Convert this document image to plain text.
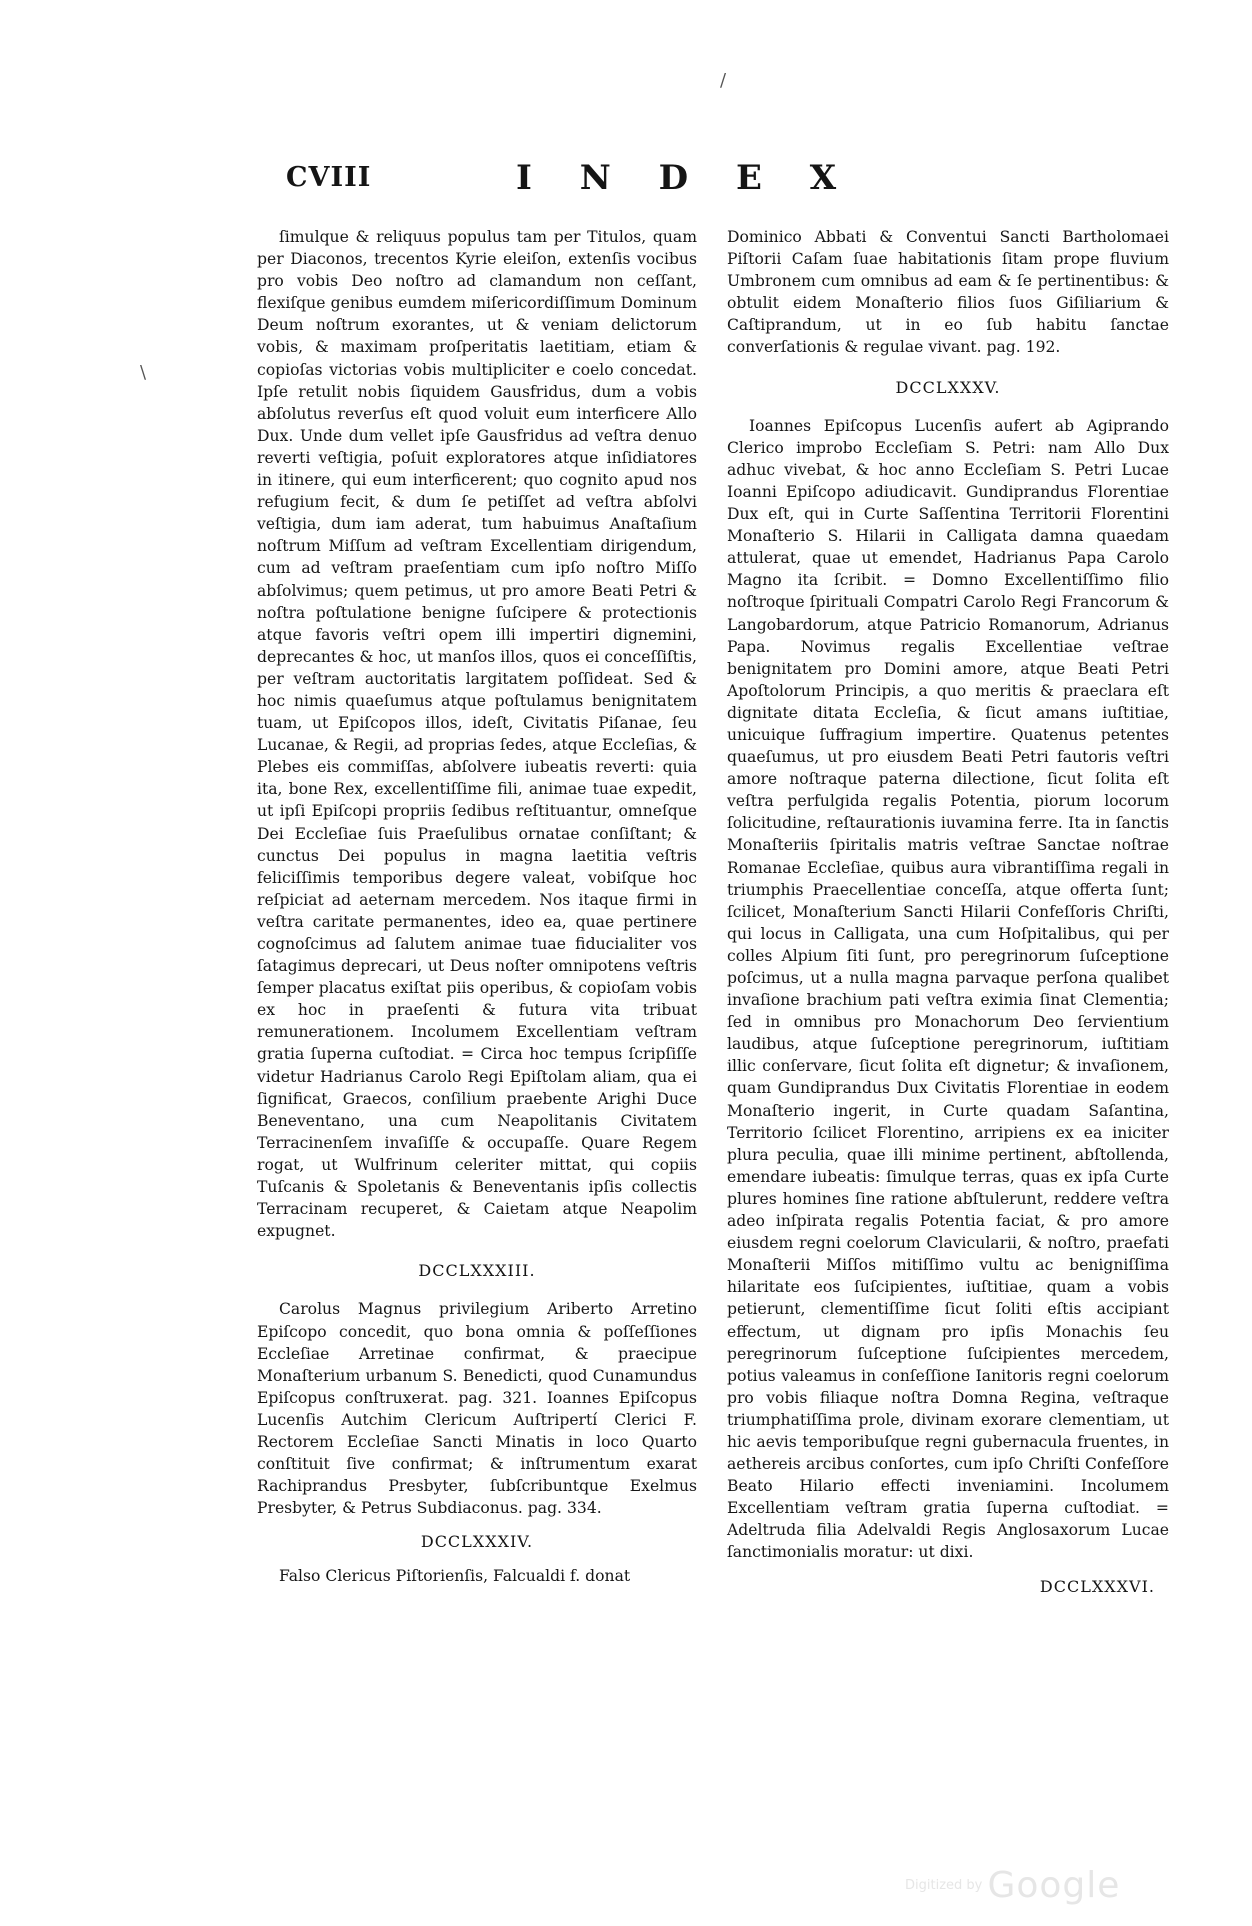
CVIII	I N D E X

ſimulque & reliquus populus tam per Titulos, quam per Diaconos, trecentos Kyrie eleiſon, extenſis vocibus pro vobis Deo noſtro ad clamandum non ceſſant, flexiſque genibus eumdem miſericordiſſimum Dominum Deum noſtrum exorantes, ut & veniam delictorum vobis, & maximam proſperitatis laetitiam, etiam & copioſas victorias vobis multipliciter e coelo concedat. Ipſe retulit nobis ſiquidem Gausfridus, dum a vobis abſolutus reverſus eſt quod voluit eum interficere Allo Dux. Unde dum vellet ipſe Gausfridus ad veſtra denuo reverti veſtigia, poſuit exploratores atque inſidiatores in itinere, qui eum interficerent; quo cognito apud nos refugium fecit, & dum ſe petiſſet ad veſtra abſolvi veſtigia, dum iam aderat, tum habuimus Anaſtaſium noſtrum Miſſum ad veſtram Excellentiam dirigendum, cum ad veſtram praeſentiam cum ipſo noſtro Miſſo abſolvimus; quem petimus, ut pro amore Beati Petri & noſtra poſtulatione benigne ſuſcipere & protectionis atque favoris veſtri opem illi impertiri dignemini, deprecantes & hoc, ut manſos illos, quos ei conceſſiſtis, per veſtram auctoritatis largitatem poſſideat. Sed & hoc nimis quaeſumus atque poſtulamus benignitatem tuam, ut Epiſcopos illos, ideſt, Civitatis Piſanae, ſeu Lucanae, & Regii, ad proprias ſedes, atque Eccleſias, & Plebes eis commiſſas, abſolvere iubeatis reverti: quia ita, bone Rex, excellentiſſime fili, animae tuae expedit, ut ipſi Epiſcopi propriis ſedibus reſtituantur, omneſque Dei Eccleſiae ſuis Praeſulibus ornatae conſiſtant; & cunctus Dei populus in magna laetitia veſtris feliciſſimis temporibus degere valeat, vobiſque hoc reſpiciat ad aeternam mercedem. Nos itaque firmi in veſtra caritate permanentes, ideo ea, quae pertinere cognoſcimus ad ſalutem animae tuae fiducialiter vos ſatagimus deprecari, ut Deus noſter omnipotens veſtris ſemper placatus exiſtat piis operibus, & copioſam vobis ex hoc in praeſenti & futura vita tribuat remunerationem. Incolumem Excellentiam veſtram gratia ſuperna cuſtodiat. = Circa hoc tempus ſcripſiſſe videtur Hadrianus Carolo Regi Epiſtolam aliam, qua ei ſignificat, Graecos, conſilium praebente Arighi Duce Beneventano, una cum Neapolitanis Civitatem Terracinenſem invaſiſſe & occupaſſe. Quare Regem rogat, ut Wulfrinum celeriter mittat, qui copiis Tuſcanis & Spoletanis & Beneventanis ipſis collectis Terracinam recuperet, & Caietam atque Neapolim expugnet.

DCCLXXXIII.

Carolus Magnus privilegium Ariberto Arretino Epiſcopo concedit, quo bona omnia & poſſeſſiones Eccleſiae Arretinae confirmat, & praecipue Monaſterium urbanum S. Benedicti, quod Cunamundus Epiſcopus conſtruxerat. pag. 321. Ioannes Epiſcopus Lucenſis Autchim Clericum Auſtripertí Clerici F. Rectorem Eccleſiae Sancti Minatis in loco Quarto conſtituit ſive confirmat; & inſtrumentum exarat Rachiprandus Presbyter, ſubſcribuntque Exelmus Presbyter, & Petrus Subdiaconus. pag. 334.

DCCLXXXIV.

Falso Clericus Piſtorienſis, Falcualdi f. donat

Dominico Abbati & Conventui Sancti Bartholomaei Piſtorii Caſam ſuae habitationis ſitam prope fluvium Umbronem cum omnibus ad eam & ſe pertinentibus: & obtulit eidem Monaſterio filios ſuos Giſiliarium & Caſtiprandum, ut in eo ſub habitu ſanctae converſationis & regulae vivant. pag. 192.

DCCLXXXV.

Ioannes Epiſcopus Lucenſis aufert ab Agiprando Clerico improbo Eccleſiam S. Petri: nam Allo Dux adhuc vivebat, & hoc anno Eccleſiam S. Petri Lucae Ioanni Epiſcopo adiudicavit. Gundiprandus Florentiae Dux eſt, qui in Curte Saſſentina Territorii Florentini Monaſterio S. Hilarii in Calligata damna quaedam attulerat, quae ut emendet, Hadrianus Papa Carolo Magno ita ſcribit. = Domno Excellentiſſimo filio noſtroque ſpirituali Compatri Carolo Regi Francorum & Langobardorum, atque Patricio Romanorum, Adrianus Papa. Novimus regalis Excellentiae veſtrae benignitatem pro Domini amore, atque Beati Petri Apoſtolorum Principis, a quo meritis & praeclara eſt dignitate ditata Eccleſia, & ſicut amans iuſtitiae, unicuique ſuffragium impertire. Quatenus petentes quaeſumus, ut pro eiusdem Beati Petri fautoris veſtri amore noſtraque paterna dilectione, ſicut ſolita eſt veſtra perfulgida regalis Potentia, piorum locorum ſolicitudine, reſtaurationis iuvamina ferre. Ita in ſanctis Monaſteriis ſpiritalis matris veſtrae Sanctae noſtrae Romanae Eccleſiae, quibus aura vibrantiſſima regali in triumphis Praecellentiae conceſſa, atque offerta ſunt; ſcilicet, Monaſterium Sancti Hilarii Confeſſoris Chriſti, qui locus in Calligata, una cum Hoſpitalibus, qui per colles Alpium ſiti ſunt, pro peregrinorum ſuſceptione poſcimus, ut a nulla magna parvaque perſona qualibet invaſione brachium pati veſtra eximia ſinat Clementia; ſed in omnibus pro Monachorum Deo ſervientium laudibus, atque ſuſceptione peregrinorum, iuſtitiam illic conſervare, ſicut ſolita eſt dignetur; & invaſionem, quam Gundiprandus Dux Civitatis Florentiae in eodem Monaſterio ingerit, in Curte quadam Saſantina, Territorio ſcilicet Florentino, arripiens ex ea iniciter plura peculia, quae illi minime pertinent, abſtollenda, emendare iubeatis: ſimulque terras, quas ex ipſa Curte plures homines ſine ratione abſtulerunt, reddere veſtra adeo inſpirata regalis Potentia faciat, & pro amore eiusdem regni coelorum Clavicularii, & noſtro, praefati Monaſterii Miſſos mitiſſimo vultu ac benigniſſima hilaritate eos ſuſcipientes, iuſtitiae, quam a vobis petierunt, clementiſſime ſicut ſoliti eſtis accipiant effectum, ut dignam pro ipſis Monachis ſeu peregrinorum ſuſceptione ſuſcipientes mercedem, potius valeamus in conſeſſione Ianitoris regni coelorum pro vobis filiaque noſtra Domna Regina, veſtraque triumphatiſſima prole, divinam exorare clementiam, ut hic aevis temporibuſque regni gubernacula fruentes, in aethereis arcibus conſortes, cum ipſo Chriſti Confeſſore Beato Hilario effecti inveniamini. Incolumem Excellentiam veſtram gratia ſuperna cuſtodiat. = Adeltruda filia Adelvaldi Regis Anglosaxorum Lucae ſanctimonialis moratur: ut dixi.

DCCLXXXVI.
\
/
Digitized by Google
